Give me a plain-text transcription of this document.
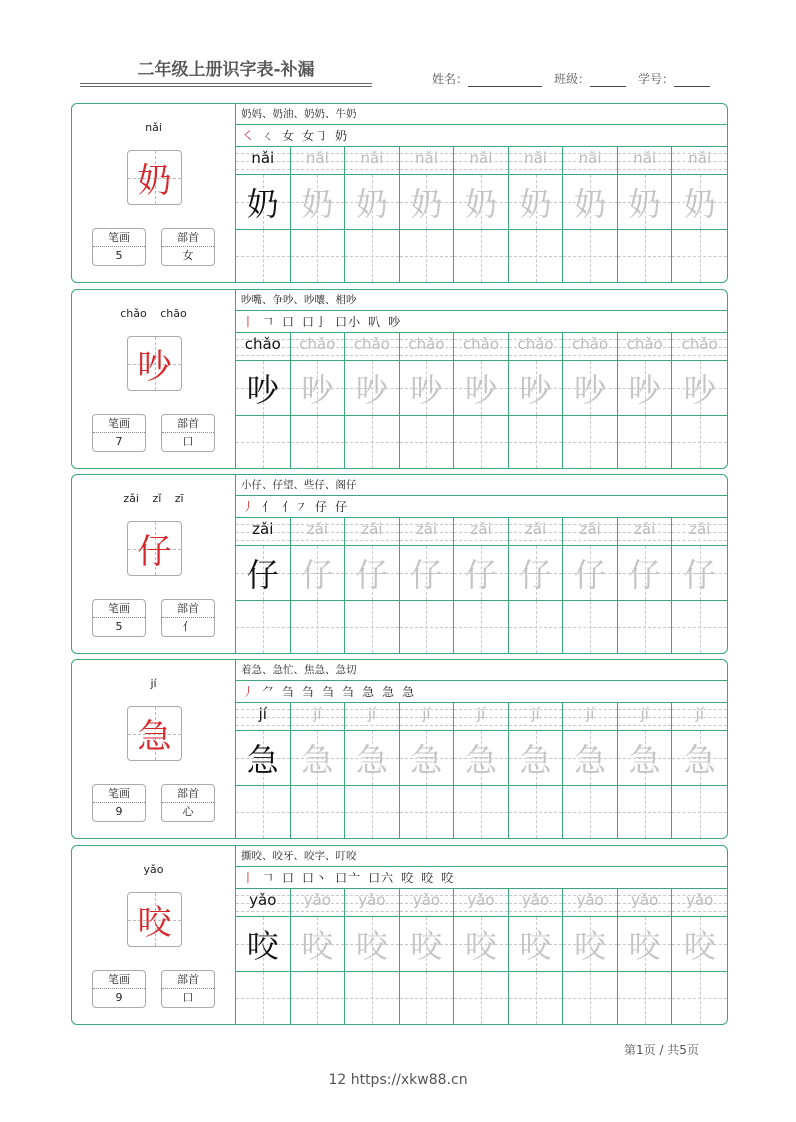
二年级上册识字表-补漏	姓名：	班级：	学号：
nǎi
奶
笔画
5
部首
女
奶妈、奶油、奶奶、牛奶
㇛ ㄑ 女 女㇆ 奶
nǎi	nǎi	nǎi	nǎi	nǎi	nǎi	nǎi	nǎi	nǎi
奶 奶 奶 奶 奶 奶 奶 奶 奶
chǎo chāo
吵
笔画
7
部首
口
吵嘴、争吵、吵嚷、相吵
丨 𠃍 口 口亅 口小 叭 吵
chǎo	chǎo	chǎo	chǎo	chǎo	chǎo	chǎo	chǎo	chǎo
吵 吵 吵 吵 吵 吵 吵 吵 吵
zǎi zǐ zī
仔
笔画
5
部首
亻
小仔、仔望、些仔、阁仔
丿 亻 亻㇇ 仔 仔
zǎi	zǎi	zǎi	zǎi	zǎi	zǎi	zǎi	zǎi	zǎi
仔 仔 仔 仔 仔 仔 仔 仔 仔
jí
急
笔画
9
部首
心
着急、急忙、焦急、急切
丿 ⺈ 刍 刍 刍 刍 急 急 急
jí	jí	jí	jí	jí	jí	jí	jí	jí
急 急 急 急 急 急 急 急 急
yǎo
咬
笔画
9
部首
口
撕咬、咬牙、咬字、叮咬
丨 𠃍 口 口丶 口亠 口六 咬 咬 咬
yǎo	yǎo	yǎo	yǎo	yǎo	yǎo	yǎo	yǎo	yǎo
咬 咬 咬 咬 咬 咬 咬 咬 咬
第1页 / 共5页
12 https://xkw88.cn
